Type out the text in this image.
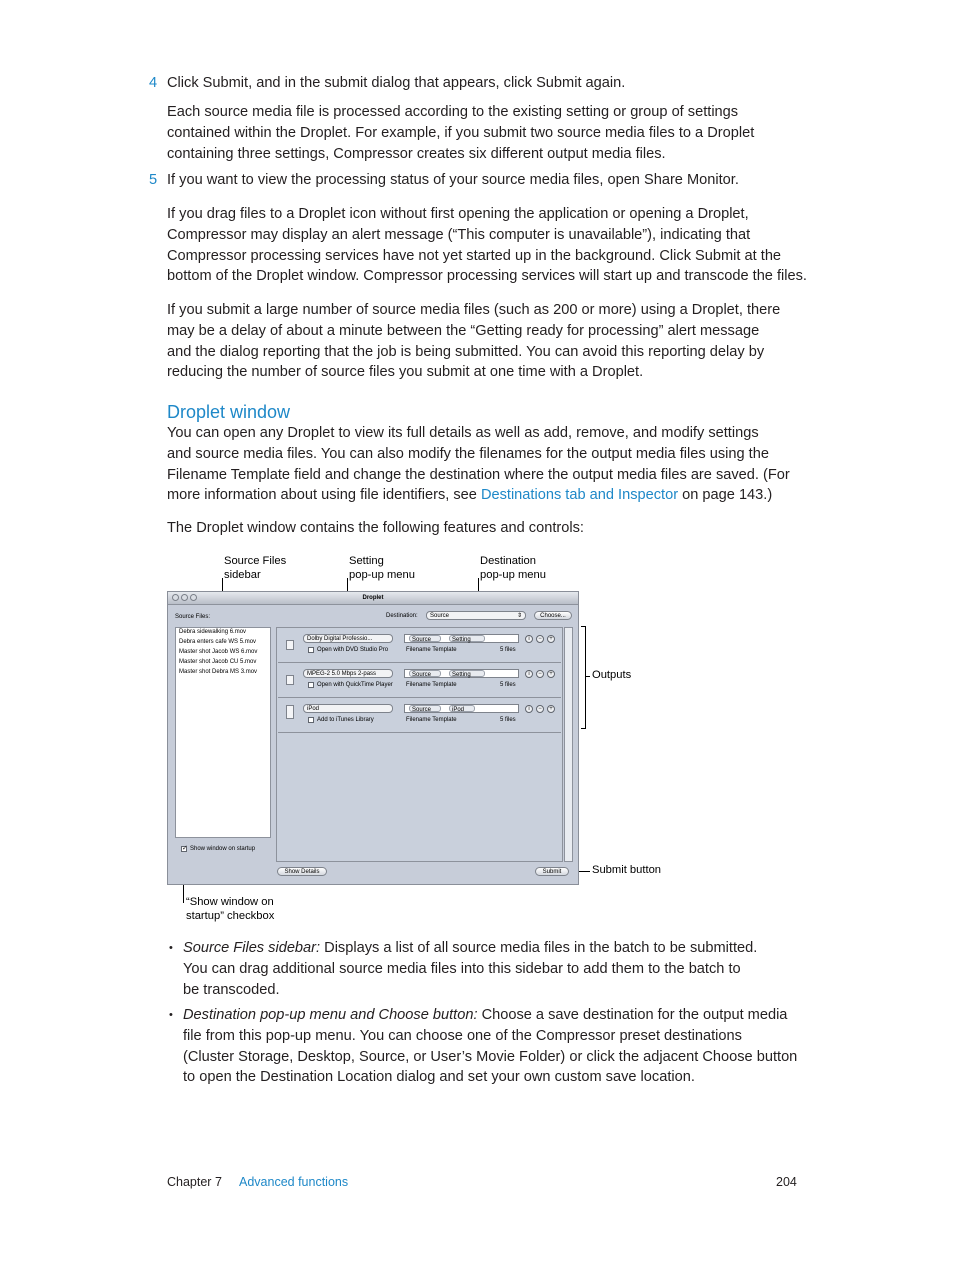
4 Click Submit, and in the submit dialog that appears, click Submit again.
Each source media file is processed according to the existing setting or group of settings
contained within the Droplet. For example, if you submit two source media files to a Droplet
containing three settings, Compressor creates six different output media files.
5 If you want to view the processing status of your source media files, open Share Monitor.
If you drag files to a Droplet icon without first opening the application or opening a Droplet,
Compressor may display an alert message (“This computer is unavailable”), indicating that
Compressor processing services have not yet started up in the background. Click Submit at the
bottom of the Droplet window. Compressor processing services will start up and transcode the files.
If you submit a large number of source media files (such as 200 or more) using a Droplet, there
may be a delay of about a minute between the “Getting ready for processing” alert message
and the dialog reporting that the job is being submitted. You can avoid this reporting delay by
reducing the number of source files you submit at one time with a Droplet.
Droplet window
You can open any Droplet to view its full details as well as add, remove, and modify settings
and source media files. You can also modify the filenames for the output media files using the
Filename Template field and change the destination where the output media files are saved. (For
more information about using file identifiers, see Destinations tab and Inspector on page 143.)
The Droplet window contains the following features and controls:
Source Files
sidebar
Setting
pop-up menu
Destination
pop-up menu
Outputs
Submit button
“Show window on
startup” checkbox
Droplet
Source Files:	Destination:	Source	⇕	Choose...
Debra sidewalking 6.mov
Debra enters cafe WS 5.mov
Master shot Jacob WS 6.mov
Master shot Jacob CU 5.mov
Master shot Debra MS 3.mov
Dolby Digital Professio...
Open with DVD Studio Pro
Source	Setting
Filename Template	5 files
i	−	+
MPEG-2 5.0 Mbps 2-pass
Open with QuickTime Player
Source	Setting
Filename Template	5 files
i	−	+
iPod
Add to iTunes Library
Source	iPod
Filename Template	5 files
i	−	+
✓ Show window on startup
Show Details	Submit
• Source Files sidebar: Displays a list of all source media files in the batch to be submitted.
You can drag additional source media files into this sidebar to add them to the batch to
be transcoded.
• Destination pop-up menu and Choose button: Choose a save destination for the output media
file from this pop-up menu. You can choose one of the Compressor preset destinations
(Cluster Storage, Desktop, Source, or User’s Movie Folder) or click the adjacent Choose button
to open the Destination Location dialog and set your own custom save location.
Chapter 7 Advanced functions	204
